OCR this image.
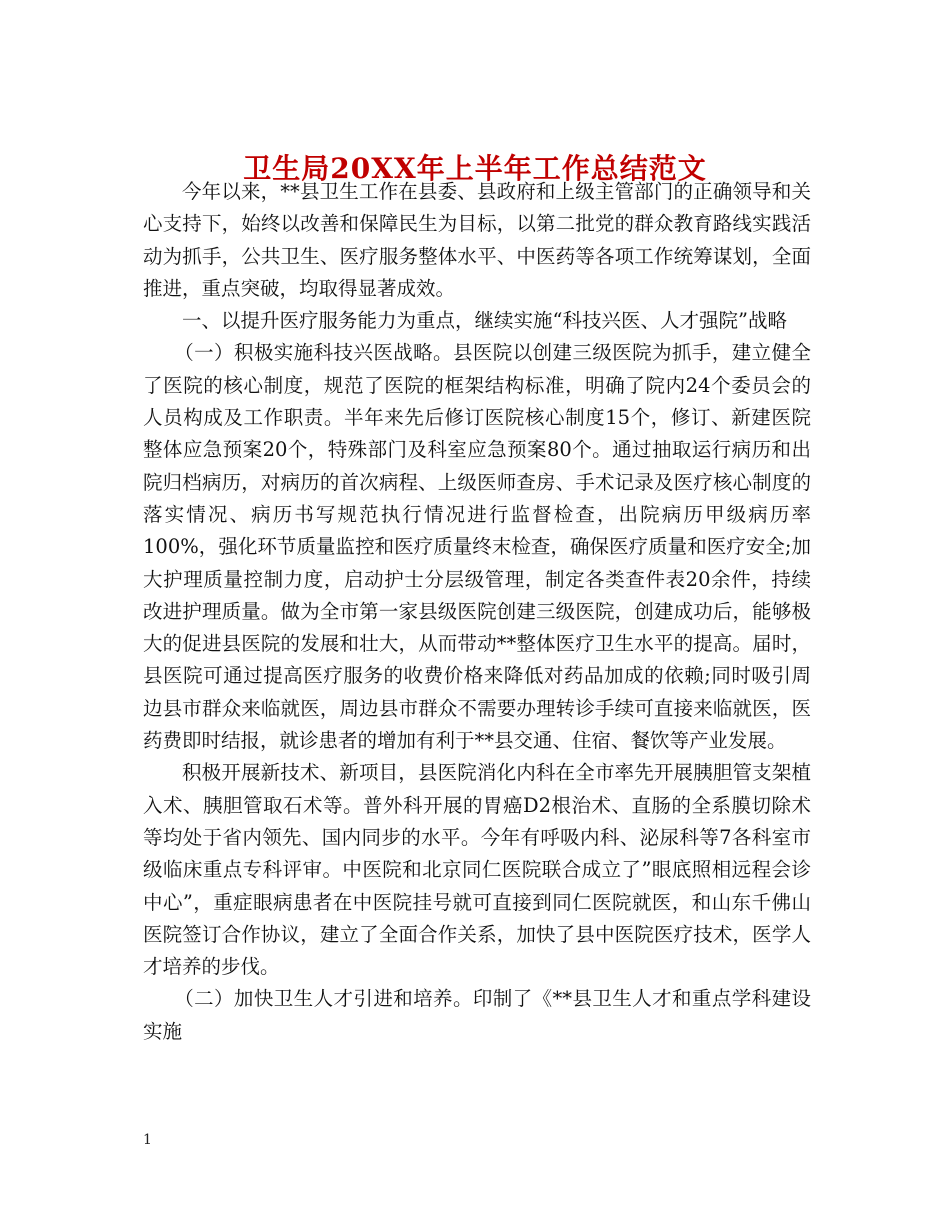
卫生局20XX年上半年工作总结范文

今年以来，**县卫生工作在县委、县政府和上级主管部门的正确领导和关心支持下，始终以改善和保障民生为目标，以第二批党的群众教育路线实践活动为抓手，公共卫生、医疗服务整体水平、中医药等各项工作统筹谋划，全面推进，重点突破，均取得显著成效。

一、以提升医疗服务能力为重点，继续实施“科技兴医、人才强院”战略

（一）积极实施科技兴医战略。县医院以创建三级医院为抓手，建立健全了医院的核心制度，规范了医院的框架结构标准，明确了院内24个委员会的人员构成及工作职责。半年来先后修订医院核心制度15个，修订、新建医院整体应急预案20个，特殊部门及科室应急预案80个。通过抽取运行病历和出院归档病历，对病历的首次病程、上级医师查房、手术记录及医疗核心制度的落实情况、病历书写规范执行情况进行监督检查，出院病历甲级病历率100%，强化环节质量监控和医疗质量终末检查，确保医疗质量和医疗安全;加大护理质量控制力度，启动护士分层级管理，制定各类查件表20余件，持续改进护理质量。做为全市第一家县级医院创建三级医院，创建成功后，能够极大的促进县医院的发展和壮大，从而带动**整体医疗卫生水平的提高。届时，县医院可通过提高医疗服务的收费价格来降低对药品加成的依赖;同时吸引周边县市群众来临就医，周边县市群众不需要办理转诊手续可直接来临就医，医药费即时结报，就诊患者的增加有利于**县交通、住宿、餐饮等产业发展。

积极开展新技术、新项目，县医院消化内科在全市率先开展胰胆管支架植入术、胰胆管取石术等。普外科开展的胃癌D2根治术、直肠的全系膜切除术等均处于省内领先、国内同步的水平。今年有呼吸内科、泌尿科等7各科室市级临床重点专科评审。中医院和北京同仁医院联合成立了”眼底照相远程会诊中心”，重症眼病患者在中医院挂号就可直接到同仁医院就医，和山东千佛山医院签订合作协议，建立了全面合作关系，加快了县中医院医疗技术，医学人才培养的步伐。

（二）加快卫生人才引进和培养。印制了《**县卫生人才和重点学科建设实施

1
